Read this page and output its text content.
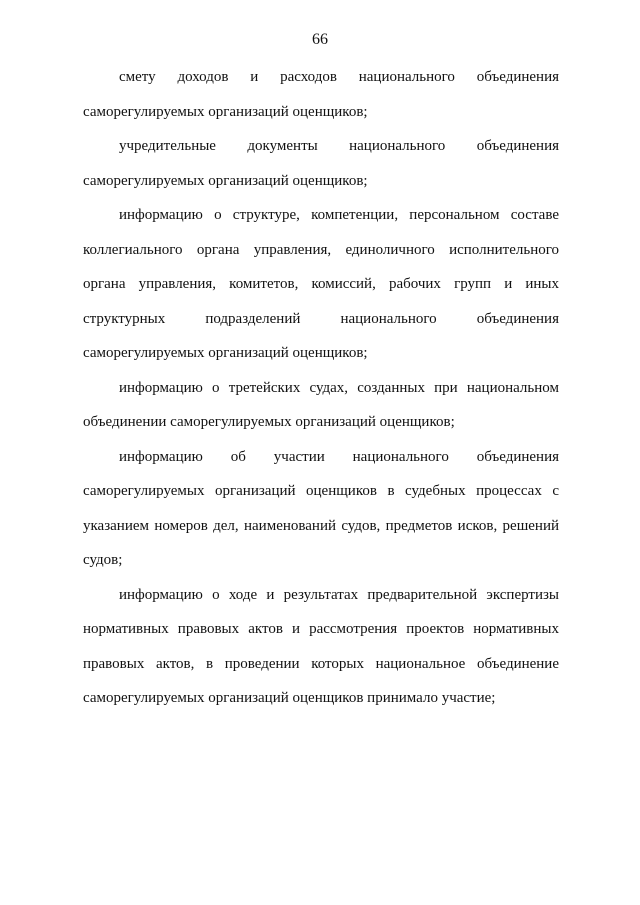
66

смету доходов и расходов национального объединения саморегулируемых организаций оценщиков;

учредительные документы национального объединения саморегулируемых организаций оценщиков;

информацию о структуре, компетенции, персональном составе коллегиального органа управления, единоличного исполнительного органа управления, комитетов, комиссий, рабочих групп и иных структурных подразделений национального объединения саморегулируемых организаций оценщиков;

информацию о третейских судах, созданных при национальном объединении саморегулируемых организаций оценщиков;

информацию об участии национального объединения саморегулируемых организаций оценщиков в судебных процессах с указанием номеров дел, наименований судов, предметов исков, решений судов;

информацию о ходе и результатах предварительной экспертизы нормативных правовых актов и рассмотрения проектов нормативных правовых актов, в проведении которых национальное объединение саморегулируемых организаций оценщиков принимало участие;
